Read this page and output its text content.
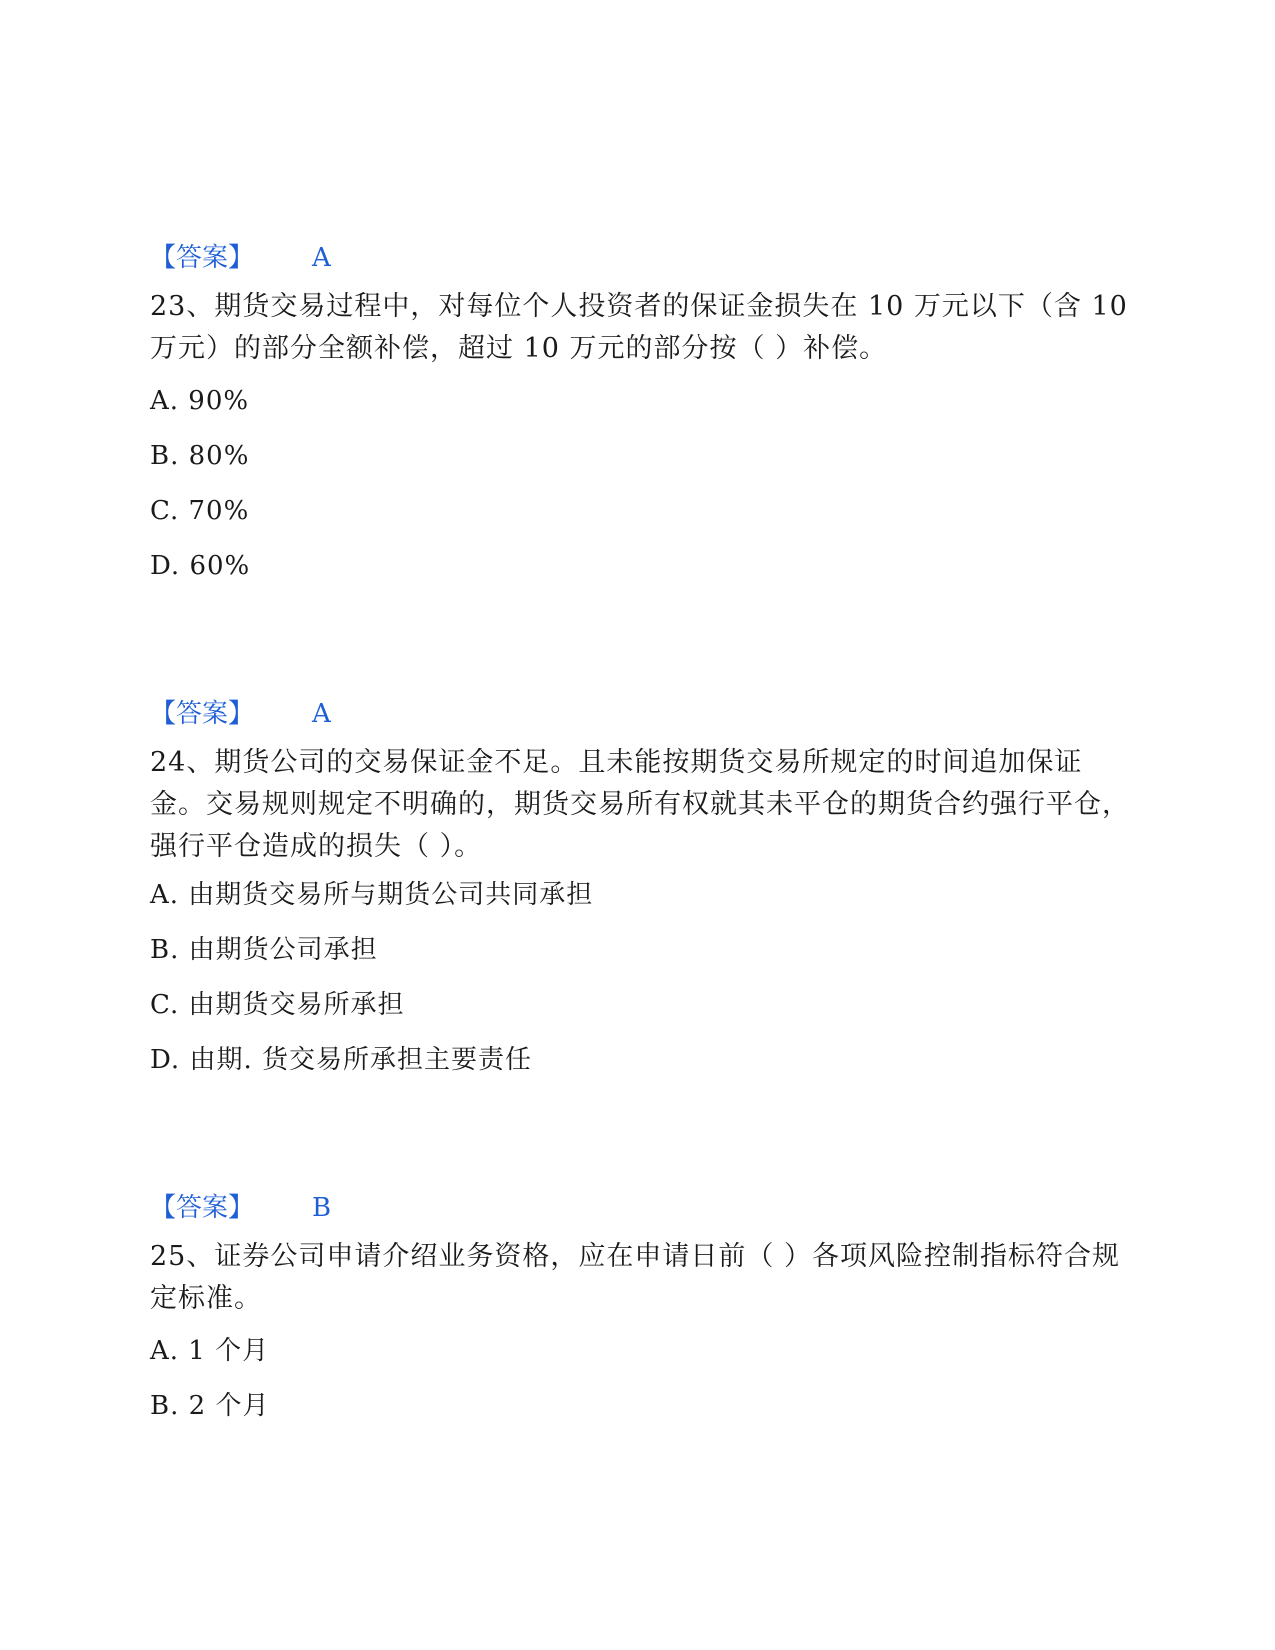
【答案】 A
23、期货交易过程中，对每位个人投资者的保证金损失在 10 万元以下（含 10 万元）的部分全额补偿，超过 10 万元的部分按（ ）补偿。
A. 90%
B. 80%
C. 70%
D. 60%
【答案】 A
24、期货公司的交易保证金不足。且未能按期货交易所规定的时间追加保证金。交易规则规定不明确的，期货交易所有权就其未平仓的期货合约强行平仓，强行平仓造成的损失（ ）。
A. 由期货交易所与期货公司共同承担
B. 由期货公司承担
C. 由期货交易所承担
D. 由期. 货交易所承担主要责任
【答案】 B
25、证券公司申请介绍业务资格，应在申请日前（ ）各项风险控制指标符合规定标准。
A. 1 个月
B. 2 个月
